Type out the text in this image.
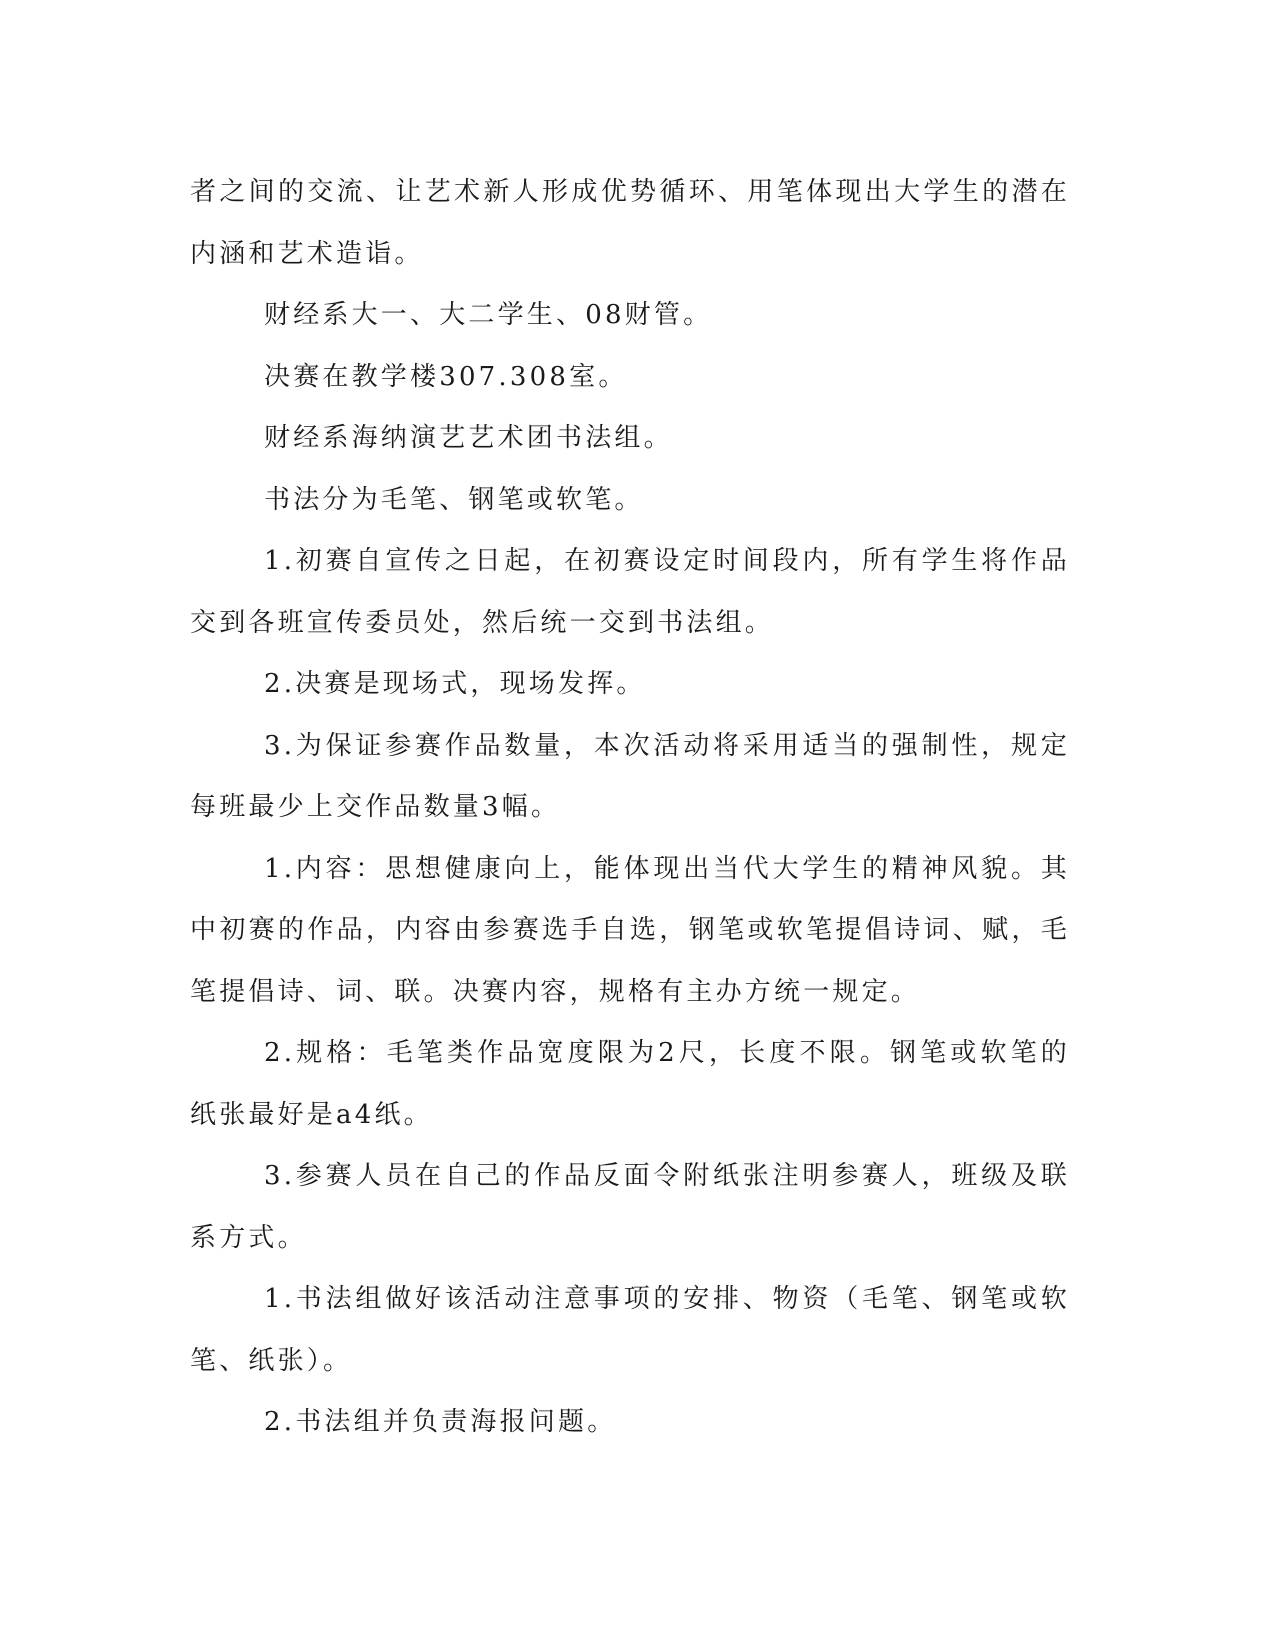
者之间的交流、让艺术新人形成优势循环、用笔体现出大学生的潜在内涵和艺术造诣。

财经系大一、大二学生、08财管。

决赛在教学楼307.308室。

财经系海纳演艺艺术团书法组。

书法分为毛笔、钢笔或软笔。

1.初赛自宣传之日起，在初赛设定时间段内，所有学生将作品交到各班宣传委员处，然后统一交到书法组。

2.决赛是现场式，现场发挥。

3.为保证参赛作品数量，本次活动将采用适当的强制性，规定每班最少上交作品数量3幅。

1.内容：思想健康向上，能体现出当代大学生的精神风貌。其中初赛的作品，内容由参赛选手自选，钢笔或软笔提倡诗词、赋，毛笔提倡诗、词、联。决赛内容，规格有主办方统一规定。

2.规格：毛笔类作品宽度限为2尺，长度不限。钢笔或软笔的纸张最好是a4纸。

3.参赛人员在自己的作品反面令附纸张注明参赛人，班级及联系方式。

1.书法组做好该活动注意事项的安排、物资（毛笔、钢笔或软笔、纸张）。

2.书法组并负责海报问题。
